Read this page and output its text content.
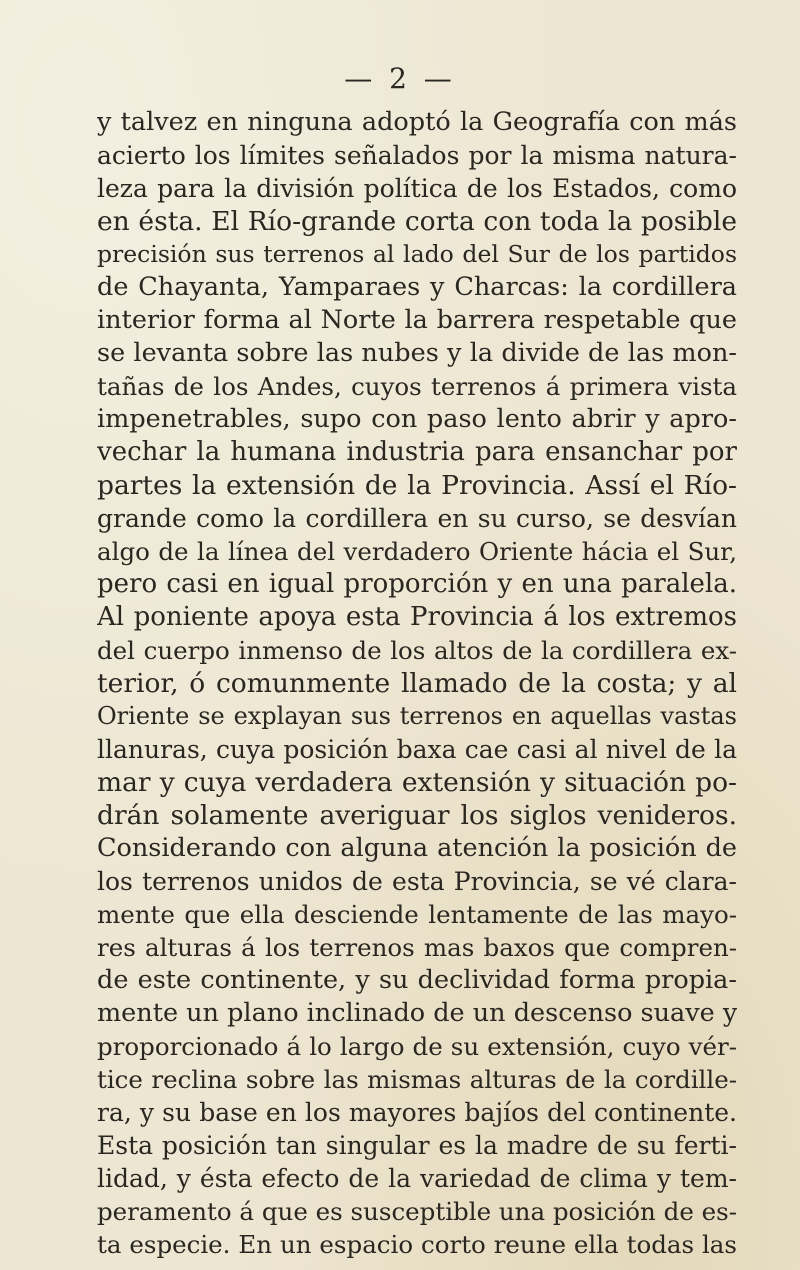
— 2 —
y talvez en ninguna adoptó la Geografía con más
acierto los límites señalados por la misma natura-
leza para la división política de los Estados, como
en ésta. El Río-grande corta con toda la posible
precisión sus terrenos al lado del Sur de los partidos
de Chayanta, Yamparaes y Charcas: la cordillera
interior forma al Norte la barrera respetable que
se levanta sobre las nubes y la divide de las mon-
tañas de los Andes, cuyos terrenos á primera vista
impenetrables, supo con paso lento abrir y apro-
vechar la humana industria para ensanchar por
partes la extensión de la Provincia. Assí el Río-
grande como la cordillera en su curso, se desvían
algo de la línea del verdadero Oriente hácia el Sur,
pero casi en igual proporción y en una paralela.
Al poniente apoya esta Provincia á los extremos
del cuerpo inmenso de los altos de la cordillera ex-
terior, ó comunmente llamado de la costa; y al
Oriente se explayan sus terrenos en aquellas vastas
llanuras, cuya posición baxa cae casi al nivel de la
mar y cuya verdadera extensión y situación po-
drán solamente averiguar los siglos venideros.
Considerando con alguna atención la posición de
los terrenos unidos de esta Provincia, se vé clara-
mente que ella desciende lentamente de las mayo-
res alturas á los terrenos mas baxos que compren-
de este continente, y su declividad forma propia-
mente un plano inclinado de un descenso suave y
proporcionado á lo largo de su extensión, cuyo vér-
tice reclina sobre las mismas alturas de la cordille-
ra, y su base en los mayores bajíos del continente.
Esta posición tan singular es la madre de su ferti-
lidad, y ésta efecto de la variedad de clima y tem-
peramento á que es susceptible una posición de es-
ta especie. En un espacio corto reune ella todas las
